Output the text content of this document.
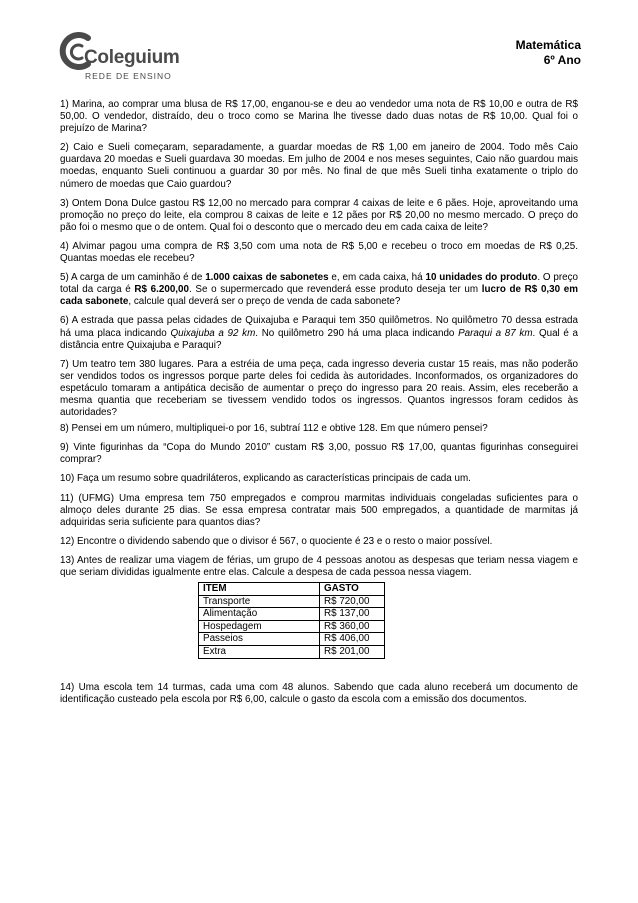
Coleguium
REDE DE ENSINO
Matemática
6º Ano

1) Marina, ao comprar uma blusa de R$ 17,00, enganou-se e deu ao vendedor uma nota de R$ 10,00 e outra de R$ 50,00. O vendedor, distraído, deu o troco como se Marina lhe tivesse dado duas notas de R$ 10,00. Qual foi o prejuízo de Marina?

2) Caio e Sueli começaram, separadamente, a guardar moedas de R$ 1,00 em janeiro de 2004. Todo mês Caio guardava 20 moedas e Sueli guardava 30 moedas. Em julho de 2004 e nos meses seguintes, Caio não guardou mais moedas, enquanto Sueli continuou a guardar 30 por mês. No final de que mês Sueli tinha exatamente o triplo do número de moedas que Caio guardou?

3) Ontem Dona Dulce gastou R$ 12,00 no mercado para comprar 4 caixas de leite e 6 pães. Hoje, aproveitando uma promoção no preço do leite, ela comprou 8 caixas de leite e 12 pães por R$ 20,00 no mesmo mercado. O preço do pão foi o mesmo que o de ontem. Qual foi o desconto que o mercado deu em cada caixa de leite?

4) Alvimar pagou uma compra de R$ 3,50 com uma nota de R$ 5,00 e recebeu o troco em moedas de R$ 0,25. Quantas moedas ele recebeu?

5) A carga de um caminhão é de 1.000 caixas de sabonetes e, em cada caixa, há 10 unidades do produto. O preço total da carga é R$ 6.200,00. Se o supermercado que revenderá esse produto deseja ter um lucro de R$ 0,30 em cada sabonete, calcule qual deverá ser o preço de venda de cada sabonete?

6) A estrada que passa pelas cidades de Quixajuba e Paraqui tem 350 quilômetros. No quilômetro 70 dessa estrada há uma placa indicando Quixajuba a 92 km. No quilômetro 290 há uma placa indicando Paraqui a 87 km. Qual é a distância entre Quixajuba e Paraqui?

7) Um teatro tem 380 lugares. Para a estréia de uma peça, cada ingresso deveria custar 15 reais, mas não poderão ser vendidos todos os ingressos porque parte deles foi cedida às autoridades. Inconformados, os organizadores do espetáculo tomaram a antipática decisão de aumentar o preço do ingresso para 20 reais. Assim, eles receberão a mesma quantia que receberiam se tivessem vendido todos os ingressos. Quantos ingressos foram cedidos às autoridades?

8) Pensei em um número, multipliquei-o por 16, subtraí 112 e obtive 128. Em que número pensei?

9) Vinte figurinhas da “Copa do Mundo 2010” custam R$ 3,00, possuo R$ 17,00, quantas figurinhas conseguirei comprar?

10) Faça um resumo sobre quadriláteros, explicando as características principais de cada um.

11) (UFMG) Uma empresa tem 750 empregados e comprou marmitas individuais congeladas suficientes para o almoço deles durante 25 dias. Se essa empresa contratar mais 500 empregados, a quantidade de marmitas já adquiridas seria suficiente para quantos dias?

12) Encontre o dividendo sabendo que o divisor é 567, o quociente é 23 e o resto o maior possível.

13) Antes de realizar uma viagem de férias, um grupo de 4 pessoas anotou as despesas que teriam nessa viagem e que seriam divididas igualmente entre elas. Calcule a despesa de cada pessoa nessa viagem.

ITEM	GASTO
Transporte	R$ 720,00
Alimentação	R$ 137,00
Hospedagem	R$ 360,00
Passeios	R$ 406,00
Extra	R$ 201,00

14) Uma escola tem 14 turmas, cada uma com 48 alunos. Sabendo que cada aluno receberá um documento de identificação custeado pela escola por R$ 6,00, calcule o gasto da escola com a emissão dos documentos.
